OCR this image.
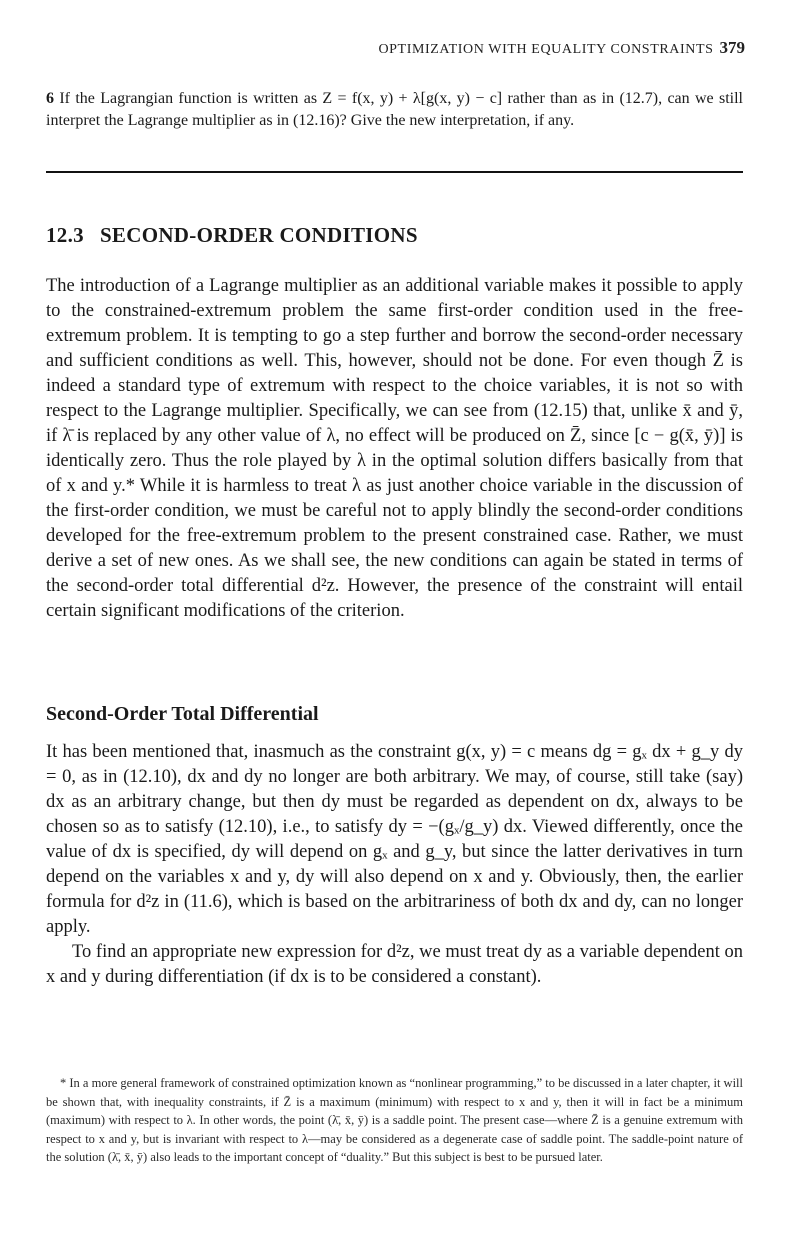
OPTIMIZATION WITH EQUALITY CONSTRAINTS 379
6 If the Lagrangian function is written as Z = f(x, y) + λ[g(x, y) − c] rather than as in (12.7), can we still interpret the Lagrange multiplier as in (12.16)? Give the new interpretation, if any.
12.3 SECOND-ORDER CONDITIONS

The introduction of a Lagrange multiplier as an additional variable makes it possible to apply to the constrained-extremum problem the same first-order condition used in the free-extremum problem. It is tempting to go a step further and borrow the second-order necessary and sufficient conditions as well. This, however, should not be done. For even though Z̄ is indeed a standard type of extremum with respect to the choice variables, it is not so with respect to the Lagrange multiplier. Specifically, we can see from (12.15) that, unlike x̄ and ȳ, if λ̄ is replaced by any other value of λ, no effect will be produced on Z̄, since [c − g(x̄, ȳ)] is identically zero. Thus the role played by λ in the optimal solution differs basically from that of x and y.* While it is harmless to treat λ as just another choice variable in the discussion of the first-order condition, we must be careful not to apply blindly the second-order conditions developed for the free-extremum problem to the present constrained case. Rather, we must derive a set of new ones. As we shall see, the new conditions can again be stated in terms of the second-order total differential d²z. However, the presence of the constraint will entail certain significant modifications of the criterion.

Second-Order Total Differential

It has been mentioned that, inasmuch as the constraint g(x, y) = c means dg = gₓ dx + g_y dy = 0, as in (12.10), dx and dy no longer are both arbitrary. We may, of course, still take (say) dx as an arbitrary change, but then dy must be regarded as dependent on dx, always to be chosen so as to satisfy (12.10), i.e., to satisfy dy = −(gₓ/g_y) dx. Viewed differently, once the value of dx is specified, dy will depend on gₓ and g_y, but since the latter derivatives in turn depend on the variables x and y, dy will also depend on x and y. Obviously, then, the earlier formula for d²z in (11.6), which is based on the arbitrariness of both dx and dy, can no longer apply.

To find an appropriate new expression for d²z, we must treat dy as a variable dependent on x and y during differentiation (if dx is to be considered a constant).

* In a more general framework of constrained optimization known as “nonlinear programming,” to be discussed in a later chapter, it will be shown that, with inequality constraints, if Z̄ is a maximum (minimum) with respect to x and y, then it will in fact be a minimum (maximum) with respect to λ. In other words, the point (λ̄, x̄, ȳ) is a saddle point. The present case—where Z̄ is a genuine extremum with respect to x and y, but is invariant with respect to λ—may be considered as a degenerate case of saddle point. The saddle-point nature of the solution (λ̄, x̄, ȳ) also leads to the important concept of “duality.” But this subject is best to be pursued later.
